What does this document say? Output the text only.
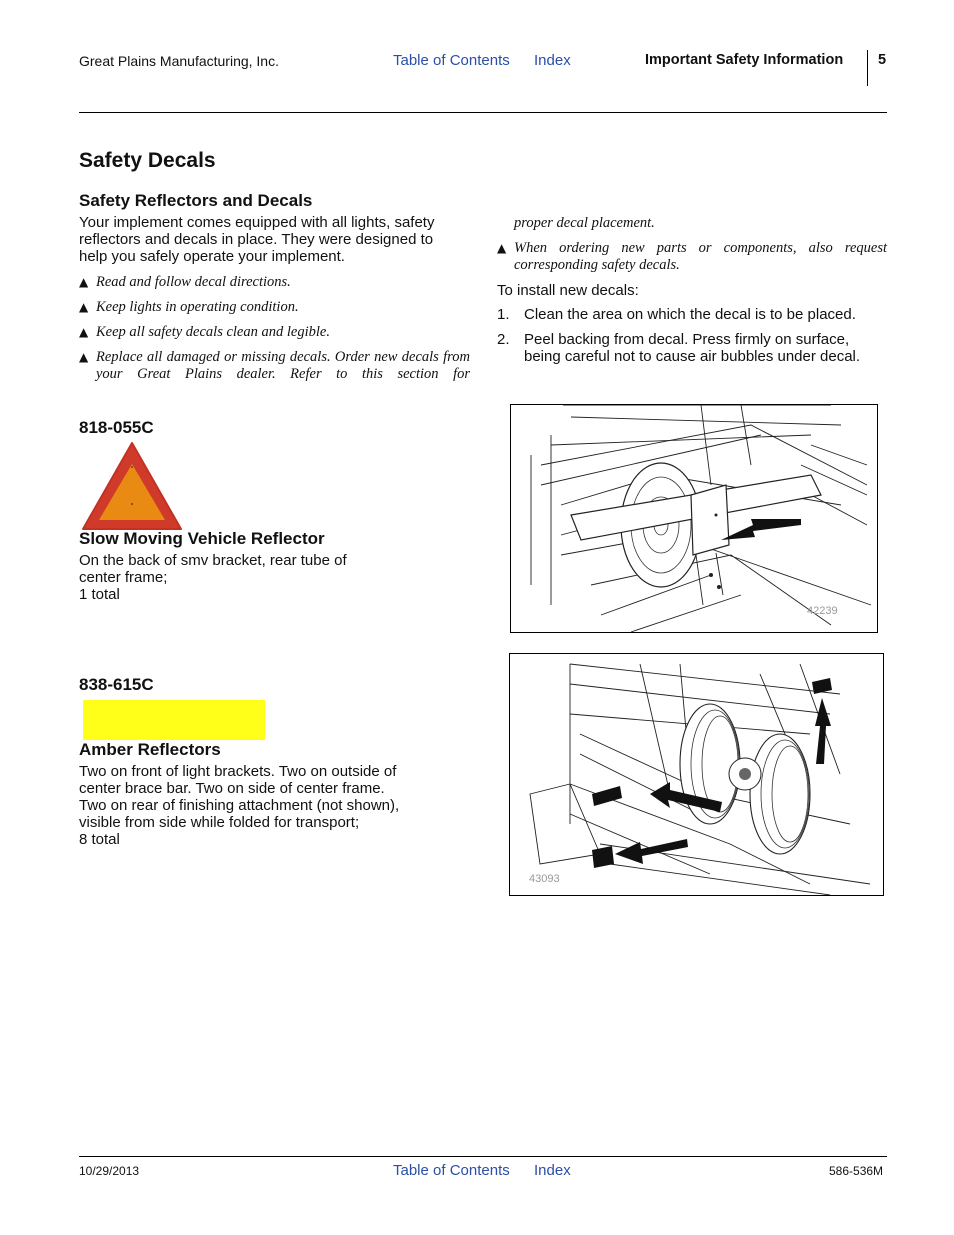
Great Plains Manufacturing, Inc.	Table of Contents Index	Important Safety Information 5
Safety Decals
Safety Reflectors and Decals
Your implement comes equipped with all lights, safety reflectors and decals in place. They were designed to help you safely operate your implement.
▲ Read and follow decal directions.
▲ Keep lights in operating condition.
▲ Keep all safety decals clean and legible.
▲ Replace all damaged or missing decals. Order new decals from your Great Plains dealer. Refer to this section for
proper decal placement.
▲ When ordering new parts or components, also request corresponding safety decals.
To install new decals:
1. Clean the area on which the decal is to be placed.
2. Peel backing from decal. Press firmly on surface, being careful not to cause air bubbles under decal.
818-055C
Slow Moving Vehicle Reflector
On the back of smv bracket, rear tube of
center frame;
1 total
42239
838-615C
Amber Reflectors
Two on front of light brackets. Two on outside of
center brace bar. Two on side of center frame.
Two on rear of finishing attachment (not shown),
visible from side while folded for transport;
8 total
43093
10/29/2013	Table of Contents Index	586-536M
